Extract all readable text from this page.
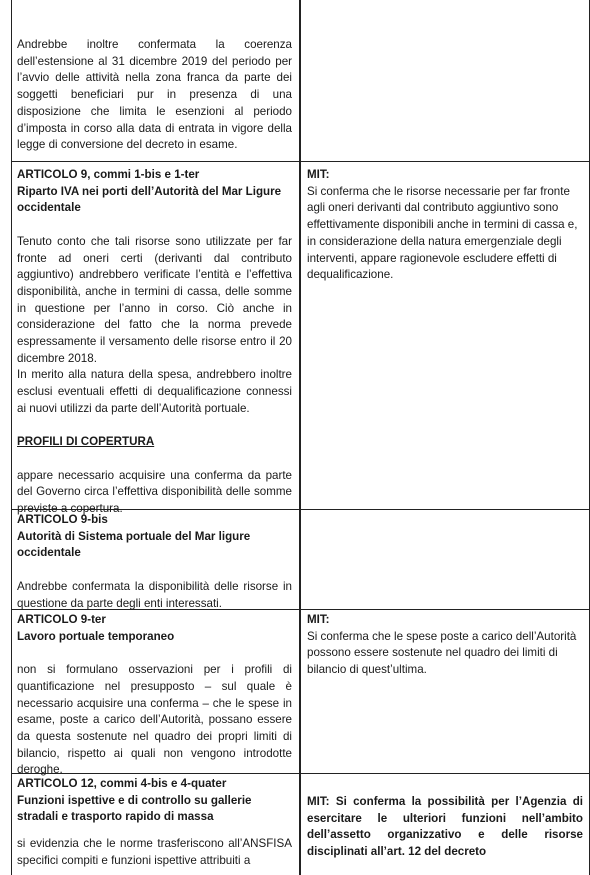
Andrebbe inoltre confermata la coerenza dell’estensione al 31 dicembre 2019 del periodo per l’avvio delle attività nella zona franca da parte dei soggetti beneficiari pur in presenza di una disposizione che limita le esenzioni al periodo d’imposta in corso alla data di entrata in vigore della legge di conversione del decreto in esame.

ARTICOLO 9, commi 1-bis e 1-ter

Riparto IVA nei porti dell’Autorità del Mar Ligure occidentale

Tenuto conto che tali risorse sono utilizzate per far fronte ad oneri certi (derivanti dal contributo aggiuntivo) andrebbero verificate l’entità e l’effettiva disponibilità, anche in termini di cassa, delle somme in questione per l’anno in corso. Ciò anche in considerazione del fatto che la norma prevede espressamente il versamento delle risorse entro il 20 dicembre 2018.

In merito alla natura della spesa, andrebbero inoltre esclusi eventuali effetti di dequalificazione connessi ai nuovi utilizzi da parte dell’Autorità portuale.

PROFILI DI COPERTURA

appare necessario acquisire una conferma da parte del Governo circa l’effettiva disponibilità delle somme previste a copertura.

MIT:

Si conferma che le risorse necessarie per far fronte agli oneri derivanti dal contributo aggiuntivo sono effettivamente disponibili anche in termini di cassa e, in considerazione della natura emergenziale degli interventi, appare ragionevole escludere effetti di dequalificazione.

ARTICOLO 9-bis

Autorità di Sistema portuale del Mar ligure occidentale

Andrebbe confermata la disponibilità delle risorse in questione da parte degli enti interessati.

ARTICOLO 9-ter

Lavoro portuale temporaneo

non si formulano osservazioni per i profili di quantificazione nel presupposto – sul quale è necessario acquisire una conferma – che le spese in esame, poste a carico dell’Autorità, possano essere da questa sostenute nel quadro dei propri limiti di bilancio, rispetto ai quali non vengono introdotte deroghe.

MIT:

Si conferma che le spese poste a carico dell’Autorità possono essere sostenute nel quadro dei limiti di bilancio di quest’ultima.

ARTICOLO 12, commi 4-bis e 4-quater

Funzioni ispettive e di controllo su gallerie stradali e trasporto rapido di massa

si evidenzia che le norme trasferiscono all’ANSFISA specifici compiti e funzioni ispettive attribuiti a

MIT: Si conferma la possibilità per l’Agenzia di esercitare le ulteriori funzioni nell’ambito dell’assetto organizzativo e delle risorse disciplinati all’art. 12 del decreto
